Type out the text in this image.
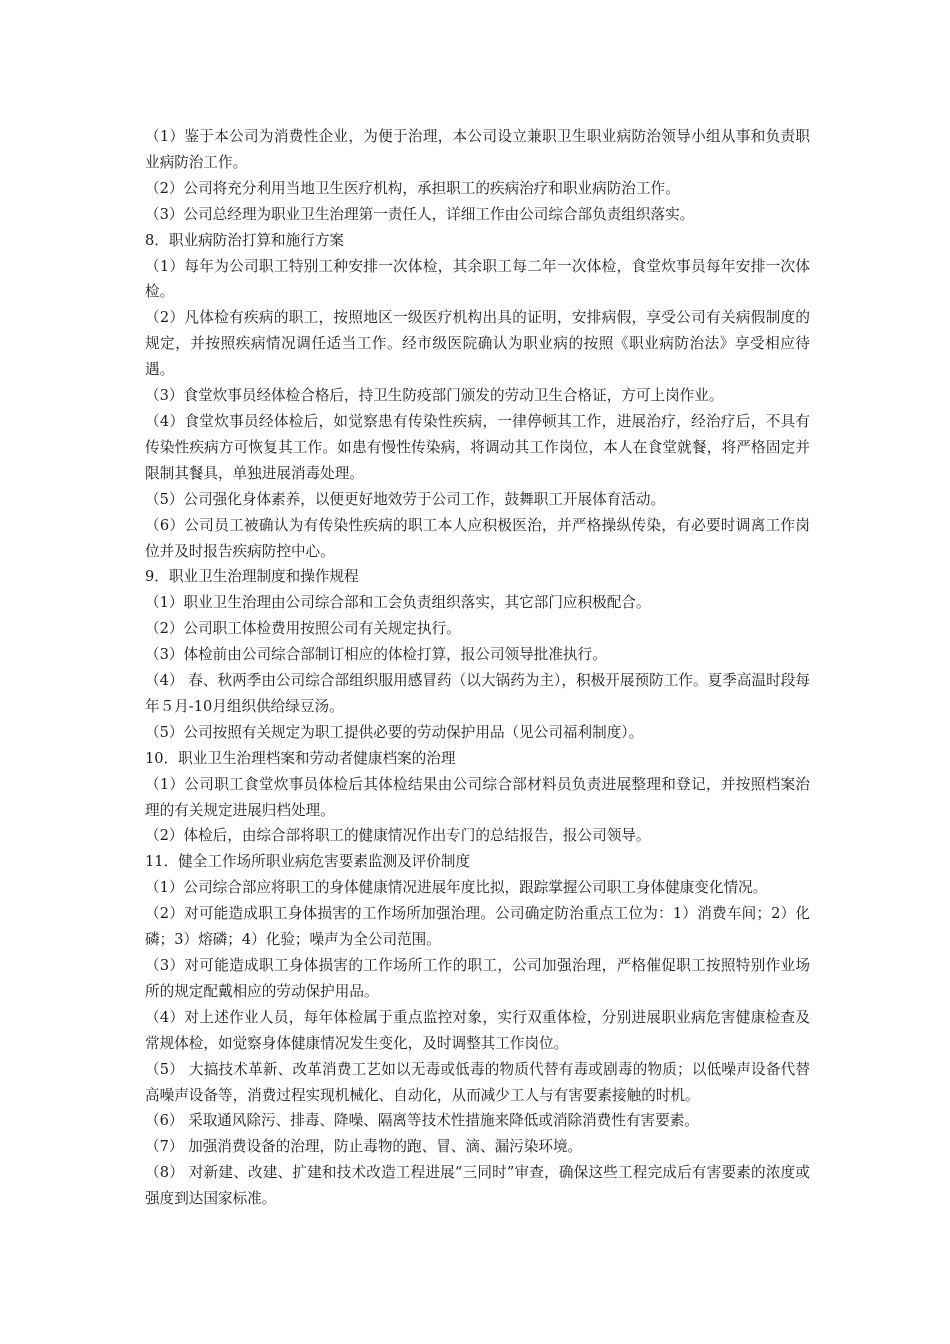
（1）鉴于本公司为消费性企业，为便于治理，本公司设立兼职卫生职业病防治领导小组从事和负责职业病防治工作。

（2）公司将充分利用当地卫生医疗机构，承担职工的疾病治疗和职业病防治工作。

（3）公司总经理为职业卫生治理第一责任人，详细工作由公司综合部负责组织落实。

8．职业病防治打算和施行方案

（1）每年为公司职工特别工种安排一次体检，其余职工每二年一次体检，食堂炊事员每年安排一次体检。

（2）凡体检有疾病的职工，按照地区一级医疗机构出具的证明，安排病假，享受公司有关病假制度的规定，并按照疾病情况调任适当工作。经市级医院确认为职业病的按照《职业病防治法》享受相应待遇。

（3）食堂炊事员经体检合格后，持卫生防疫部门颁发的劳动卫生合格证，方可上岗作业。

（4）食堂炊事员经体检后，如觉察患有传染性疾病，一律停顿其工作，进展治疗，经治疗后，不具有传染性疾病方可恢复其工作。如患有慢性传染病，将调动其工作岗位，本人在食堂就餐，将严格固定并限制其餐具，单独进展消毒处理。

（5）公司强化身体素养，以便更好地效劳于公司工作，鼓舞职工开展体育活动。

（6）公司员工被确认为有传染性疾病的职工本人应积极医治，并严格操纵传染，有必要时调离工作岗位并及时报告疾病防控中心。

9．职业卫生治理制度和操作规程

（1）职业卫生治理由公司综合部和工会负责组织落实，其它部门应积极配合。

（2）公司职工体检费用按照公司有关规定执行。

（3）体检前由公司综合部制订相应的体检打算，报公司领导批准执行。

（4） 春、秋两季由公司综合部组织服用感冒药（以大锅药为主），积极开展预防工作。夏季高温时段每年５月-10月组织供给绿豆汤。

（5）公司按照有关规定为职工提供必要的劳动保护用品（见公司福利制度）。

10．职业卫生治理档案和劳动者健康档案的治理

（1）公司职工食堂炊事员体检后其体检结果由公司综合部材料员负责进展整理和登记，并按照档案治理的有关规定进展归档处理。

（2）体检后，由综合部将职工的健康情况作出专门的总结报告，报公司领导。

11．健全工作场所职业病危害要素监测及评价制度

（1）公司综合部应将职工的身体健康情况进展年度比拟，跟踪掌握公司职工身体健康变化情况。

（2）对可能造成职工身体损害的工作场所加强治理。公司确定防治重点工位为：1）消费车间；2）化磷；3）熔磷；4）化验；噪声为全公司范围。

（3）对可能造成职工身体损害的工作场所工作的职工，公司加强治理，严格催促职工按照特别作业场所的规定配戴相应的劳动保护用品。

（4）对上述作业人员，每年体检属于重点监控对象，实行双重体检，分别进展职业病危害健康检查及常规体检，如觉察身体健康情况发生变化，及时调整其工作岗位。

（5） 大搞技术革新、改革消费工艺如以无毒或低毒的物质代替有毒或剧毒的物质；以低噪声设备代替高噪声设备等，消费过程实现机械化、自动化，从而减少工人与有害要素接触的时机。

（6） 采取通风除污、排毒、降噪、隔离等技术性措施来降低或消除消费性有害要素。

（7） 加强消费设备的治理，防止毒物的跑、冒、滴、漏污染环境。

（8） 对新建、改建、扩建和技术改造工程进展“三同时”审查，确保这些工程完成后有害要素的浓度或强度到达国家标准。
